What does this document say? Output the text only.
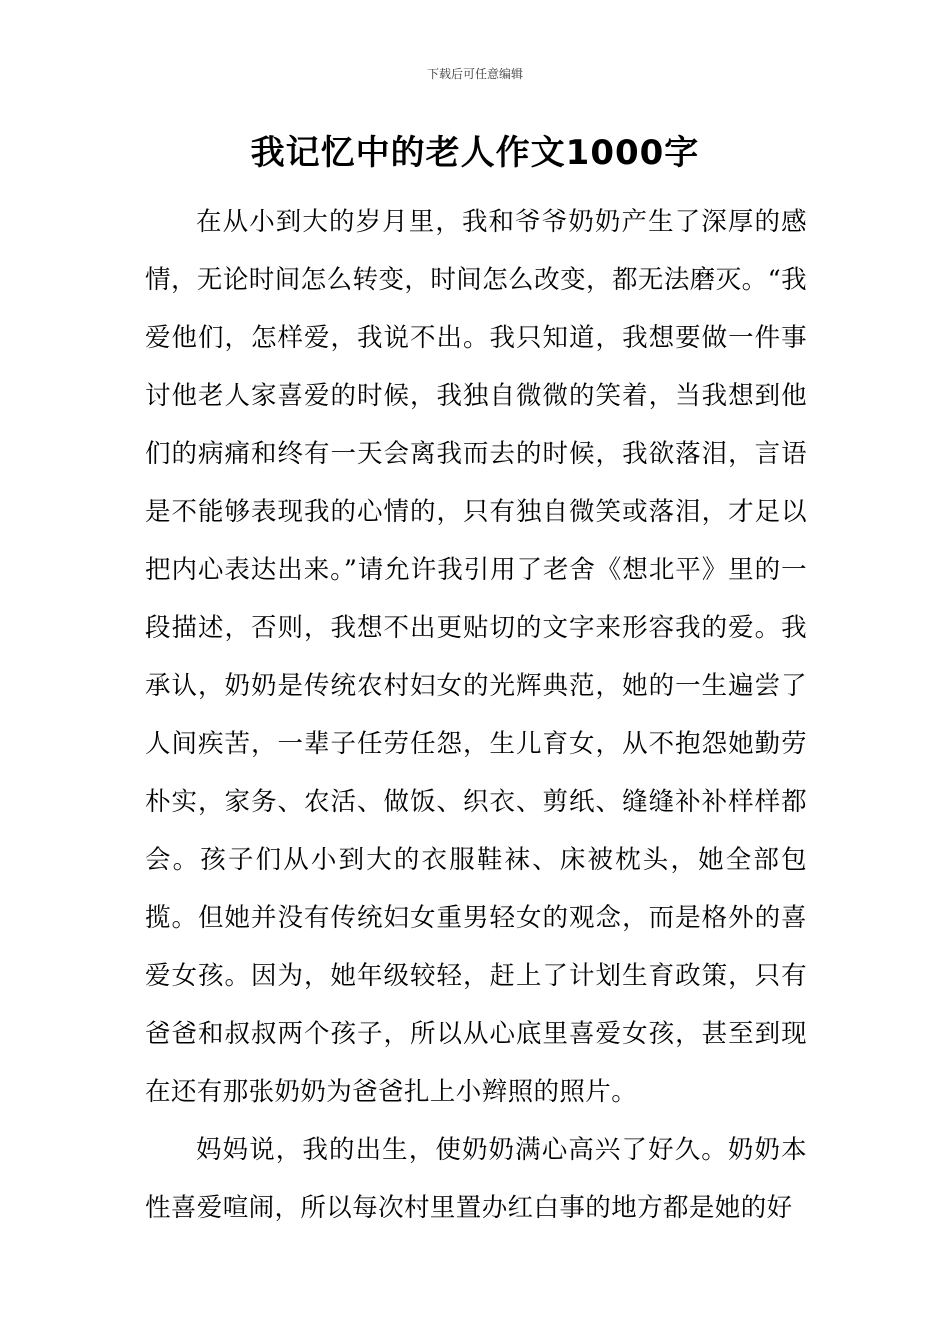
下载后可任意编辑
我记忆中的老人作文1000字

在从小到大的岁月里，我和爷爷奶奶产生了深厚的感情，无论时间怎么转变，时间怎么改变，都无法磨灭。“我爱他们，怎样爱，我说不出。我只知道，我想要做一件事讨他老人家喜爱的时候，我独自微微的笑着，当我想到他们的病痛和终有一天会离我而去的时候，我欲落泪，言语是不能够表现我的心情的，只有独自微笑或落泪，才足以把内心表达出来。”请允许我引用了老舍《想北平》里的一段描述，否则，我想不出更贴切的文字来形容我的爱。我承认，奶奶是传统农村妇女的光辉典范，她的一生遍尝了人间疾苦，一辈子任劳任怨，生儿育女，从不抱怨她勤劳朴实，家务、农活、做饭、织衣、剪纸、缝缝补补样样都会。孩子们从小到大的衣服鞋袜、床被枕头，她全部包揽。但她并没有传统妇女重男轻女的观念，而是格外的喜爱女孩。因为，她年级较轻，赶上了计划生育政策，只有爸爸和叔叔两个孩子，所以从心底里喜爱女孩，甚至到现在还有那张奶奶为爸爸扎上小辫照的照片。

妈妈说，我的出生，使奶奶满心高兴了好久。奶奶本性喜爱喧闹，所以每次村里置办红白事的地方都是她的好
